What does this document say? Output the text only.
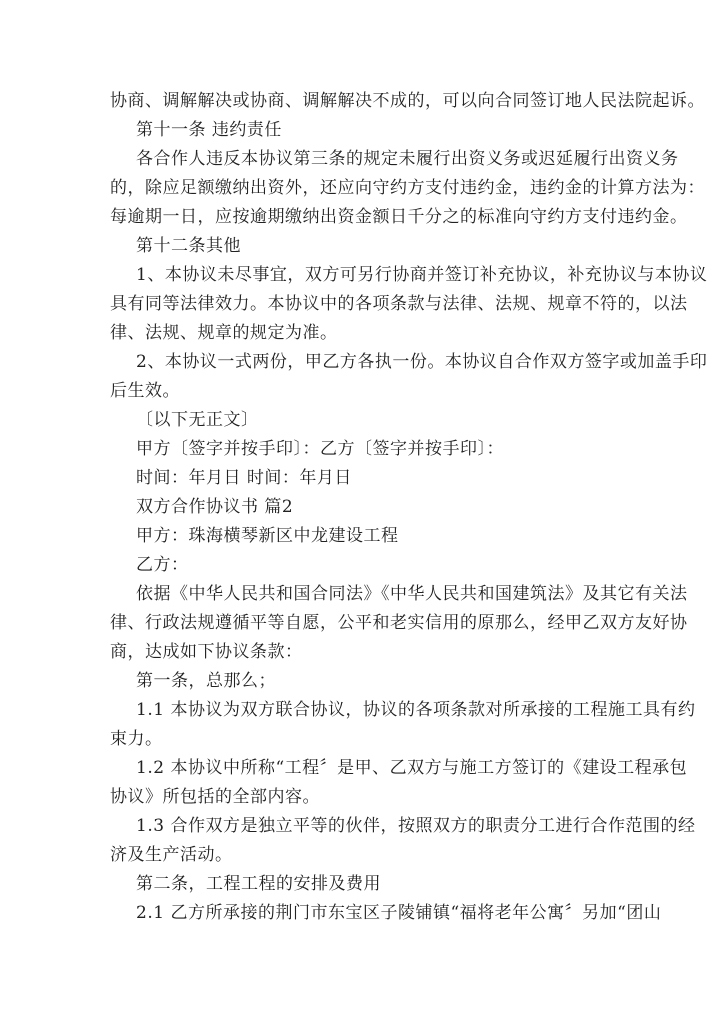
协商、调解解决或协商、调解解决不成的，可以向合同签订地人民法院起诉。
第十一条 违约责任
各合作人违反本协议第三条的规定未履行出资义务或迟延履行出资义务
的，除应足额缴纳出资外，还应向守约方支付违约金，违约金的计算方法为：
每逾期一日，应按逾期缴纳出资金额日千分之的标准向守约方支付违约金。
第十二条其他
1、本协议未尽事宜，双方可另行协商并签订补充协议，补充协议与本协议
具有同等法律效力。本协议中的各项条款与法律、法规、规章不符的，以法
律、法规、规章的规定为准。
2、本协议一式两份，甲乙方各执一份。本协议自合作双方签字或加盖手印
后生效。
〔以下无正文〕
甲方〔签字并按手印〕：乙方〔签字并按手印〕：
时间：年月日 时间：年月日
双方合作协议书 篇2
甲方：珠海横琴新区中龙建设工程
乙方：
依据《中华人民共和国合同法》《中华人民共和国建筑法》及其它有关法
律、行政法规遵循平等自愿，公平和老实信用的原那么，经甲乙双方友好协
商，达成如下协议条款：
第一条，总那么；
1.1 本协议为双方联合协议，协议的各项条款对所承接的工程施工具有约
束力。
1.2 本协议中所称“工程〞是甲、乙双方与施工方签订的《建设工程承包
协议》所包括的全部内容。
1.3 合作双方是独立平等的伙伴，按照双方的职责分工进行合作范围的经
济及生产活动。
第二条，工程工程的安排及费用
2.1 乙方所承接的荆门市东宝区子陵铺镇“福将老年公寓〞另加“团山
